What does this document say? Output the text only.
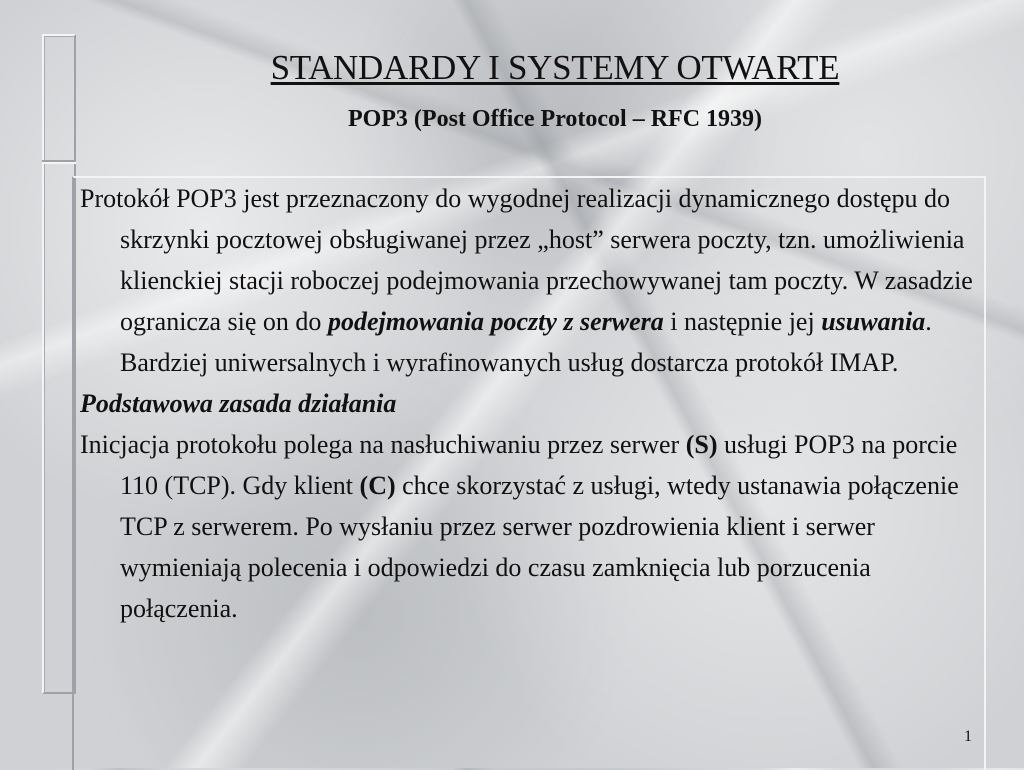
STANDARDY I SYSTEMY OTWARTE
POP3 (Post Office Protocol – RFC 1939)

Protokół POP3 jest przeznaczony do wygodnej realizacji dynamicznego dostępu do skrzynki pocztowej obsługiwanej przez „host” serwera poczty, tzn. umożliwienia klienckiej stacji roboczej podejmowania przechowywanej tam poczty. W zasadzie ogranicza się on do podejmowania poczty z serwera i następnie jej usuwania. Bardziej uniwersalnych i wyrafinowanych usług dostarcza protokół IMAP.

Podstawowa zasada działania

Inicjacja protokołu polega na nasłuchiwaniu przez serwer (S) usługi POP3 na porcie 110 (TCP). Gdy klient (C) chce skorzystać z usługi, wtedy ustanawia połączenie TCP z serwerem. Po wysłaniu przez serwer pozdrowienia klient i serwer wymieniają polecenia i odpowiedzi do czasu zamknięcia lub porzucenia połączenia.

1
